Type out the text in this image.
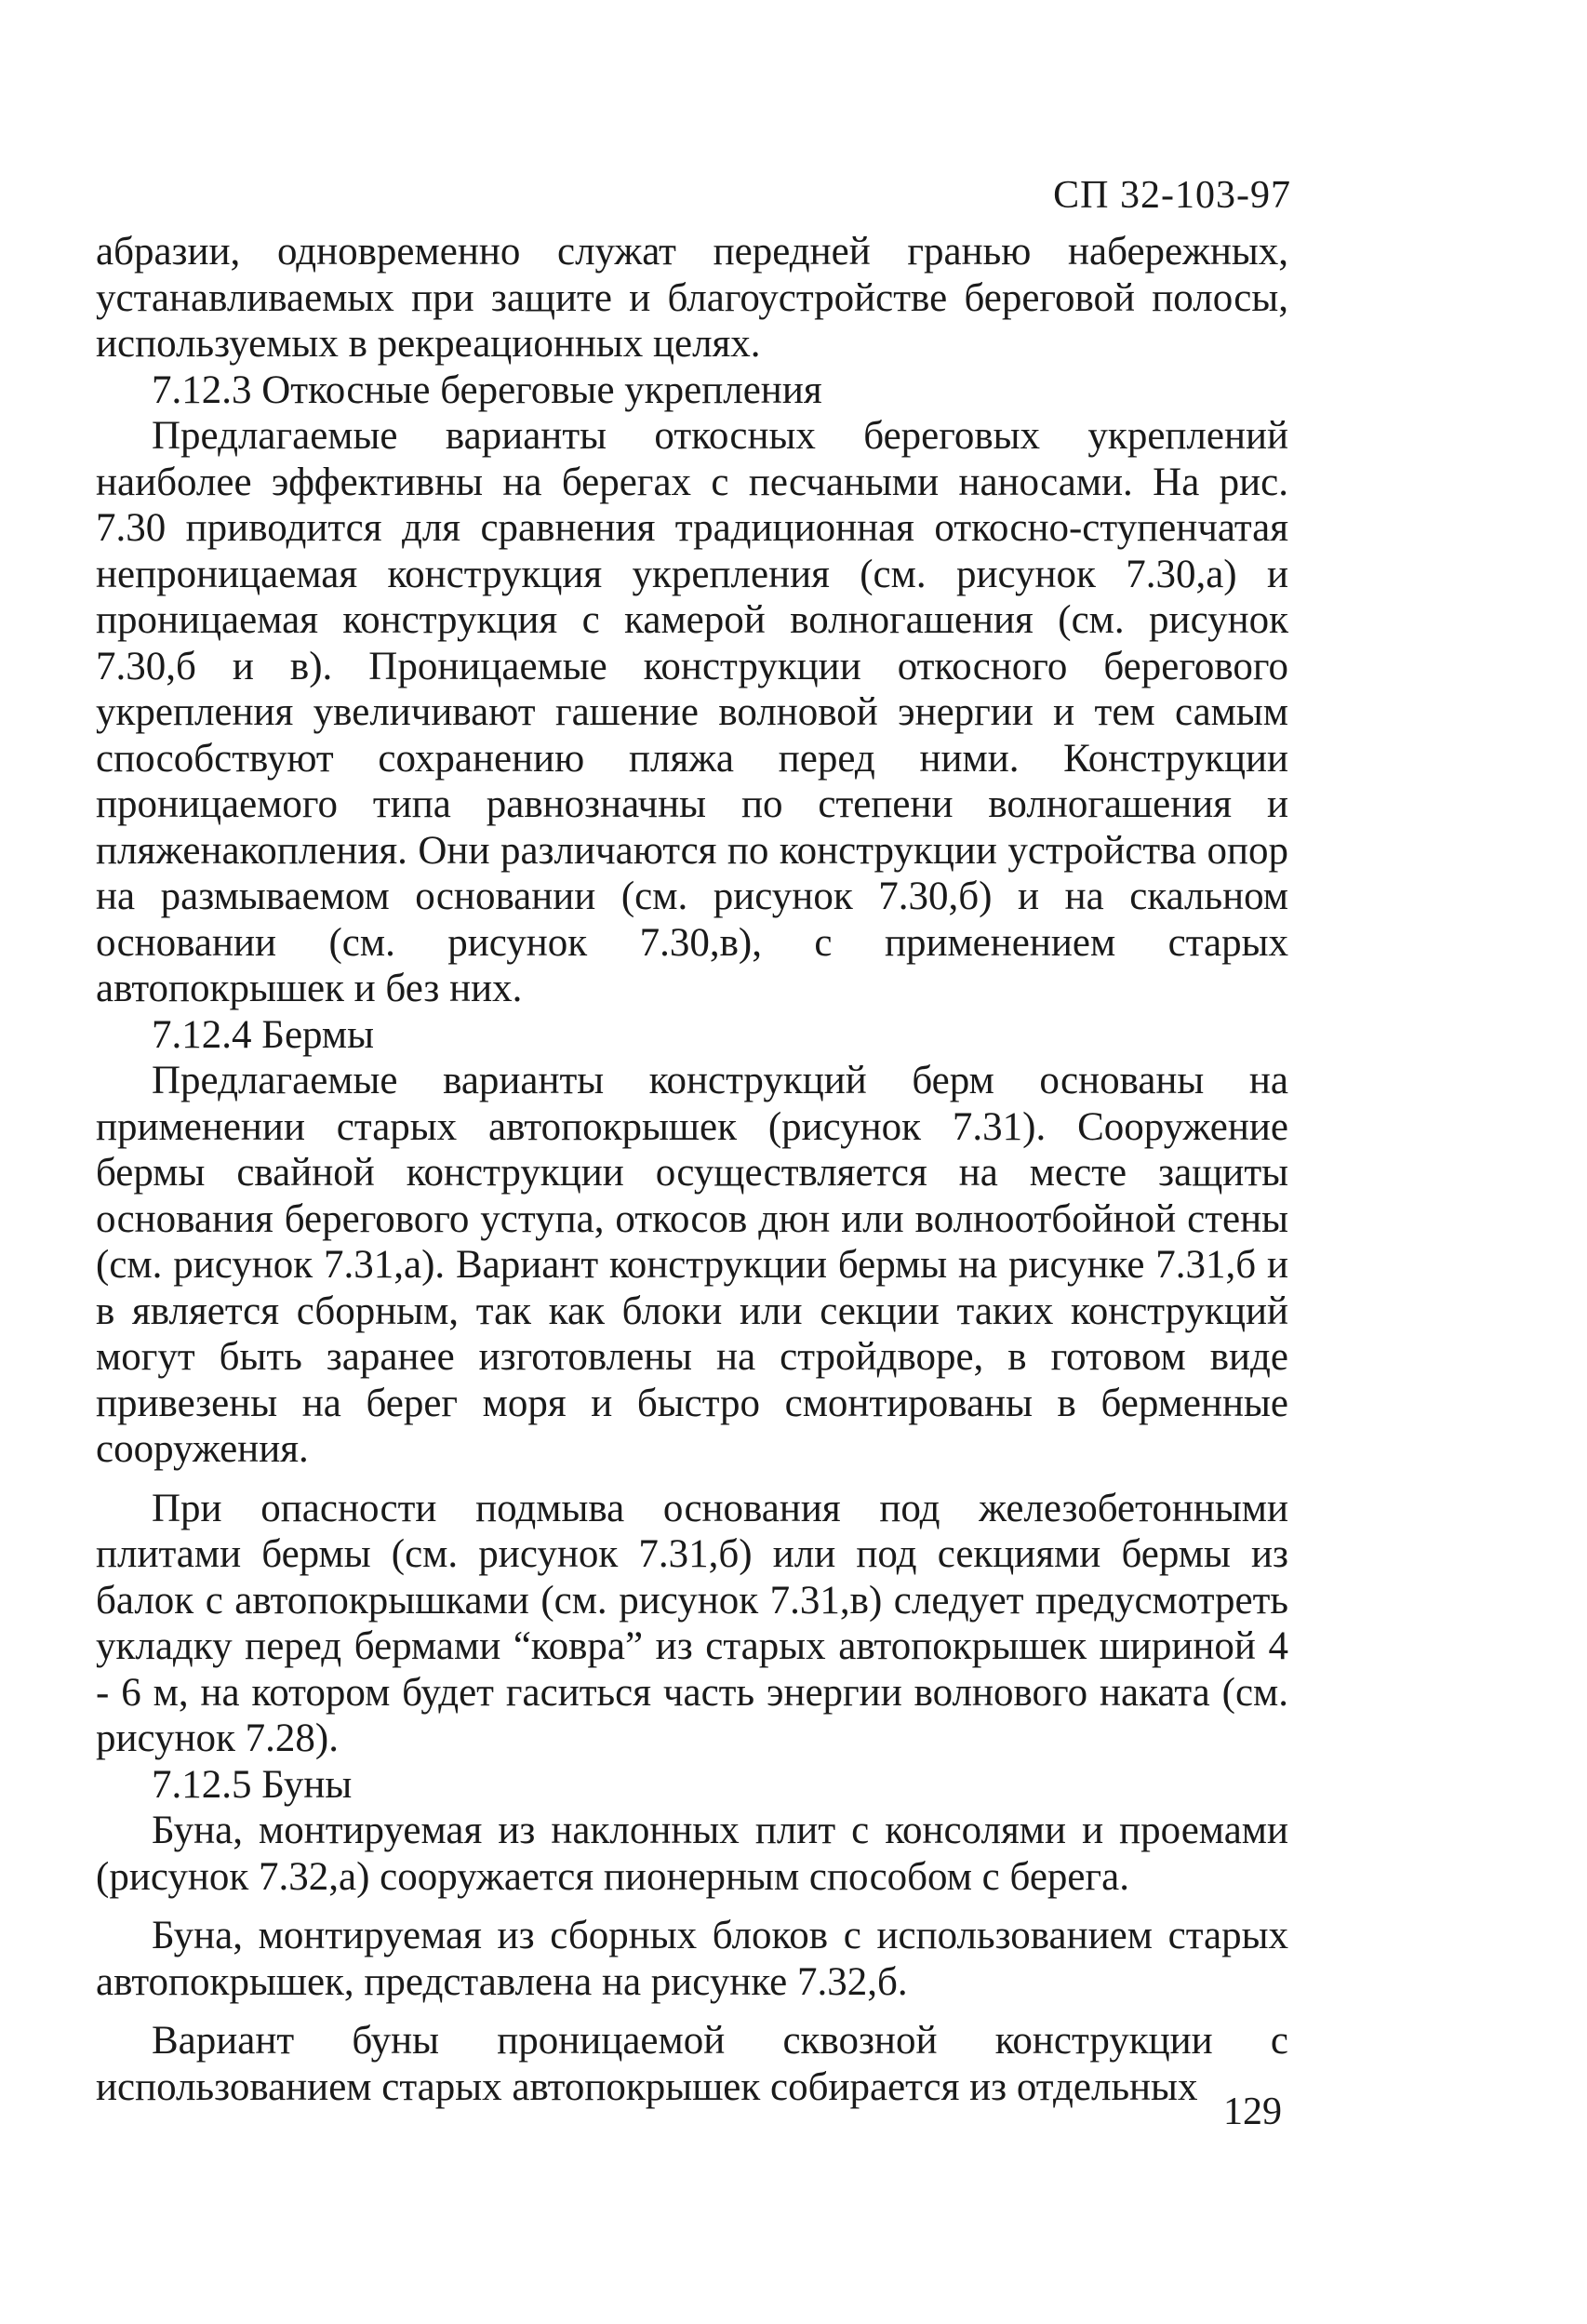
СП 32-103-97

абразии, одновременно служат передней гранью набережных, устанавливаемых при защите и благоустройстве береговой полосы, используемых в рекреационных целях.

7.12.3 Откосные береговые укрепления

Предлагаемые варианты откосных береговых укреплений наиболее эффективны на берегах с песчаными наносами. На рис. 7.30 приводится для сравнения традиционная откосно-ступенчатая непроницаемая конструкция укрепления (см. рисунок 7.30,а) и проницаемая конструкция с камерой волногашения (см. рисунок 7.30,б и в). Проницаемые конструкции откосного берегового укрепления увеличивают гашение волновой энергии и тем самым способствуют сохранению пляжа перед ними. Конструкции проницаемого типа равнозначны по степени волногашения и пляженакопления. Они различаются по конструкции устройства опор на размываемом основании (см. рисунок 7.30,б) и на скальном основании (см. рисунок 7.30,в), с применением старых автопокрышек и без них.

7.12.4 Бермы

Предлагаемые варианты конструкций берм основаны на применении старых автопокрышек (рисунок 7.31). Сооружение бермы свайной конструкции осуществляется на месте защиты основания берегового уступа, откосов дюн или волноотбойной стены (см. рисунок 7.31,а). Вариант конструкции бермы на рисунке 7.31,б и в является сборным, так как блоки или секции таких конструкций могут быть заранее изготовлены на стройдворе, в готовом виде привезены на берег моря и быстро смонтированы в берменные сооружения.

При опасности подмыва основания под железобетонными плитами бермы (см. рисунок 7.31,б) или под секциями бермы из балок с автопокрышками (см. рисунок 7.31,в) следует предусмотреть укладку перед бермами “ковра” из старых автопокрышек шириной 4 - 6 м, на котором будет гаситься часть энергии волнового наката (см. рисунок 7.28).

7.12.5 Буны

Буна, монтируемая из наклонных плит с консолями и проемами (рисунок 7.32,а) сооружается пионерным способом с берега.

Буна, монтируемая из сборных блоков с использованием старых автопокрышек, представлена на рисунке 7.32,б.

Вариант буны проницаемой сквозной конструкции с использованием старых автопокрышек собирается из отдельных

129
